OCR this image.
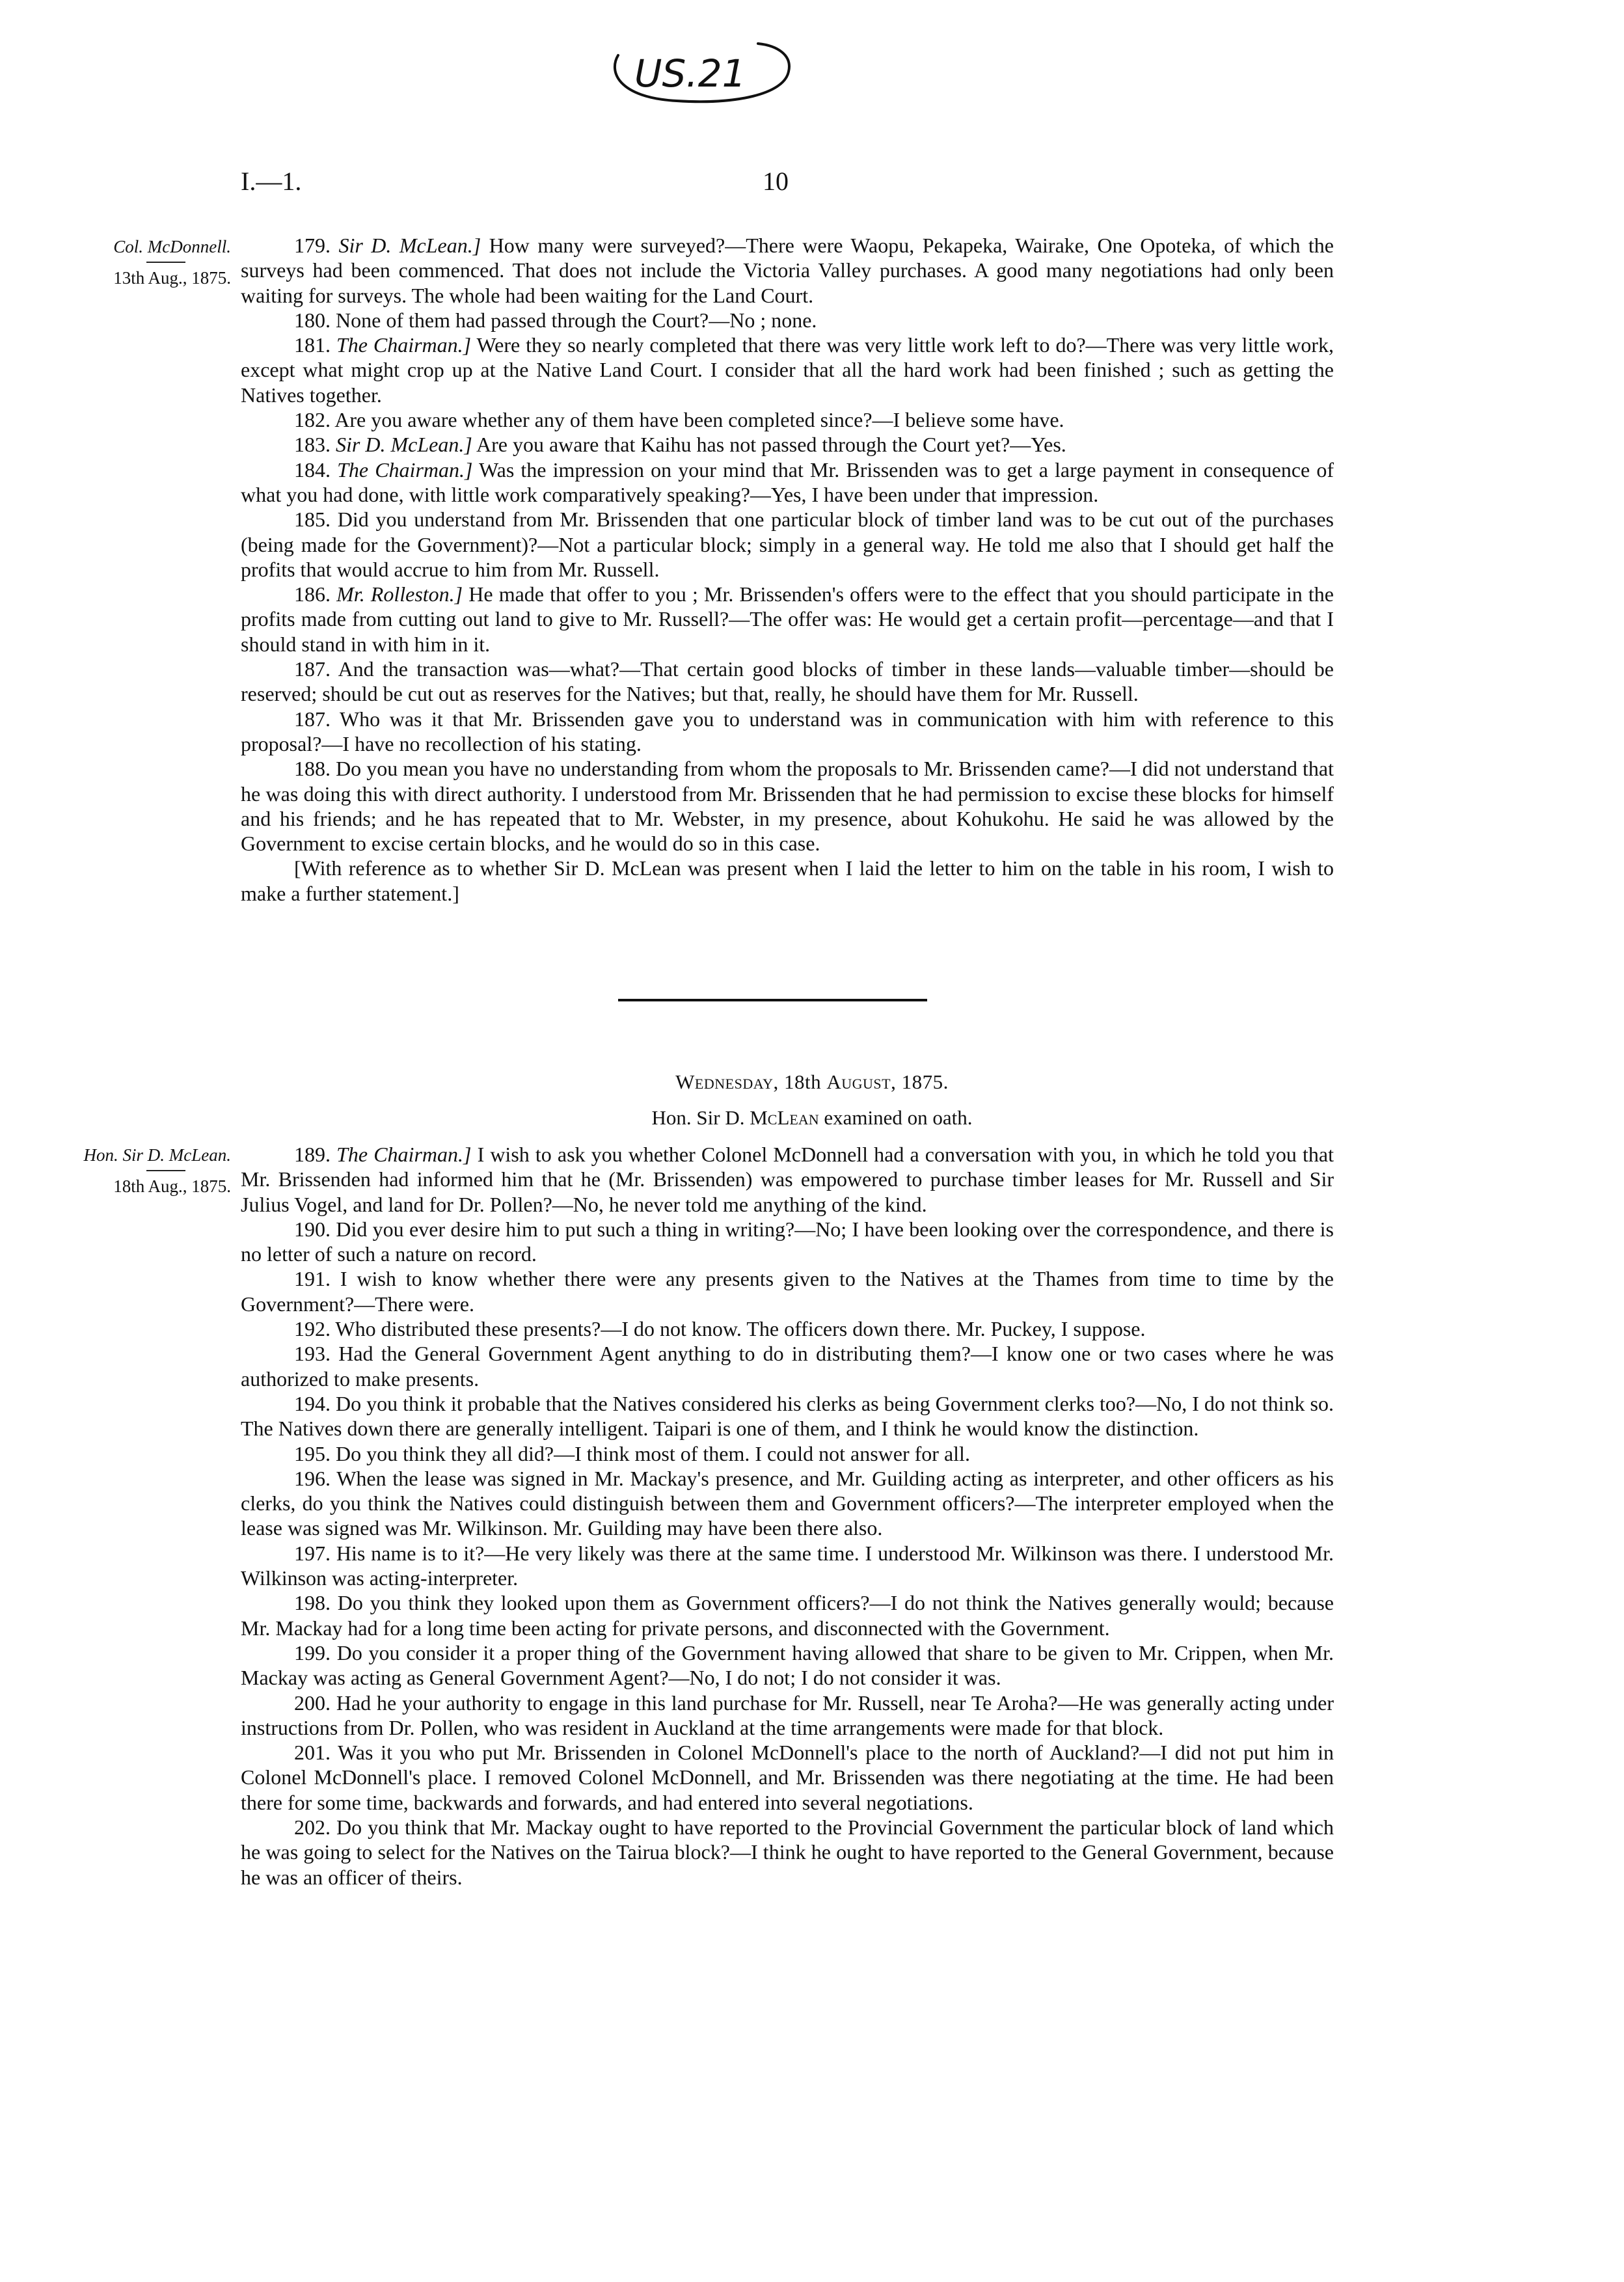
US.21
I.—1.	10
Col. McDonnell.
13th Aug., 1875.

179. Sir D. McLean.] How many were surveyed?—There were Waopu, Pekapeka, Wairake, One Opoteka, of which the surveys had been commenced. That does not include the Victoria Valley purchases. A good many negotiations had only been waiting for surveys. The whole had been waiting for the Land Court.

180. None of them had passed through the Court?—No ; none.

181. The Chairman.] Were they so nearly completed that there was very little work left to do?—There was very little work, except what might crop up at the Native Land Court. I consider that all the hard work had been finished ; such as getting the Natives together.

182. Are you aware whether any of them have been completed since?—I believe some have.

183. Sir D. McLean.] Are you aware that Kaihu has not passed through the Court yet?—Yes.

184. The Chairman.] Was the impression on your mind that Mr. Brissenden was to get a large payment in consequence of what you had done, with little work comparatively speaking?—Yes, I have been under that impression.

185. Did you understand from Mr. Brissenden that one particular block of timber land was to be cut out of the purchases (being made for the Government)?—Not a particular block; simply in a general way. He told me also that I should get half the profits that would accrue to him from Mr. Russell.

186. Mr. Rolleston.] He made that offer to you ; Mr. Brissenden's offers were to the effect that you should participate in the profits made from cutting out land to give to Mr. Russell?—The offer was: He would get a certain profit—percentage—and that I should stand in with him in it.

187. And the transaction was—what?—That certain good blocks of timber in these lands—valuable timber—should be reserved; should be cut out as reserves for the Natives; but that, really, he should have them for Mr. Russell.

187. Who was it that Mr. Brissenden gave you to understand was in communication with him with reference to this proposal?—I have no recollection of his stating.

188. Do you mean you have no understanding from whom the proposals to Mr. Brissenden came?—I did not understand that he was doing this with direct authority. I understood from Mr. Brissenden that he had permission to excise these blocks for himself and his friends; and he has repeated that to Mr. Webster, in my presence, about Kohukohu. He said he was allowed by the Government to excise certain blocks, and he would do so in this case.

[With reference as to whether Sir D. McLean was present when I laid the letter to him on the table in his room, I wish to make a further statement.]

Wednesday, 18th August, 1875.
Hon. Sir D. McLean examined on oath.
Hon. Sir D. McLean.
18th Aug., 1875.

189. The Chairman.] I wish to ask you whether Colonel McDonnell had a conversation with you, in which he told you that Mr. Brissenden had informed him that he (Mr. Brissenden) was empowered to purchase timber leases for Mr. Russell and Sir Julius Vogel, and land for Dr. Pollen?—No, he never told me anything of the kind.

190. Did you ever desire him to put such a thing in writing?—No; I have been looking over the correspondence, and there is no letter of such a nature on record.

191. I wish to know whether there were any presents given to the Natives at the Thames from time to time by the Government?—There were.

192. Who distributed these presents?—I do not know. The officers down there. Mr. Puckey, I suppose.

193. Had the General Government Agent anything to do in distributing them?—I know one or two cases where he was authorized to make presents.

194. Do you think it probable that the Natives considered his clerks as being Government clerks too?—No, I do not think so. The Natives down there are generally intelligent. Taipari is one of them, and I think he would know the distinction.

195. Do you think they all did?—I think most of them. I could not answer for all.

196. When the lease was signed in Mr. Mackay's presence, and Mr. Guilding acting as interpreter, and other officers as his clerks, do you think the Natives could distinguish between them and Government officers?—The interpreter employed when the lease was signed was Mr. Wilkinson. Mr. Guilding may have been there also.

197. His name is to it?—He very likely was there at the same time. I understood Mr. Wilkinson was there. I understood Mr. Wilkinson was acting-interpreter.

198. Do you think they looked upon them as Government officers?—I do not think the Natives generally would; because Mr. Mackay had for a long time been acting for private persons, and disconnected with the Government.

199. Do you consider it a proper thing of the Government having allowed that share to be given to Mr. Crippen, when Mr. Mackay was acting as General Government Agent?—No, I do not; I do not consider it was.

200. Had he your authority to engage in this land purchase for Mr. Russell, near Te Aroha?—He was generally acting under instructions from Dr. Pollen, who was resident in Auckland at the time arrangements were made for that block.

201. Was it you who put Mr. Brissenden in Colonel McDonnell's place to the north of Auckland?—I did not put him in Colonel McDonnell's place. I removed Colonel McDonnell, and Mr. Brissenden was there negotiating at the time. He had been there for some time, backwards and forwards, and had entered into several negotiations.

202. Do you think that Mr. Mackay ought to have reported to the Provincial Government the particular block of land which he was going to select for the Natives on the Tairua block?—I think he ought to have reported to the General Government, because he was an officer of theirs.
